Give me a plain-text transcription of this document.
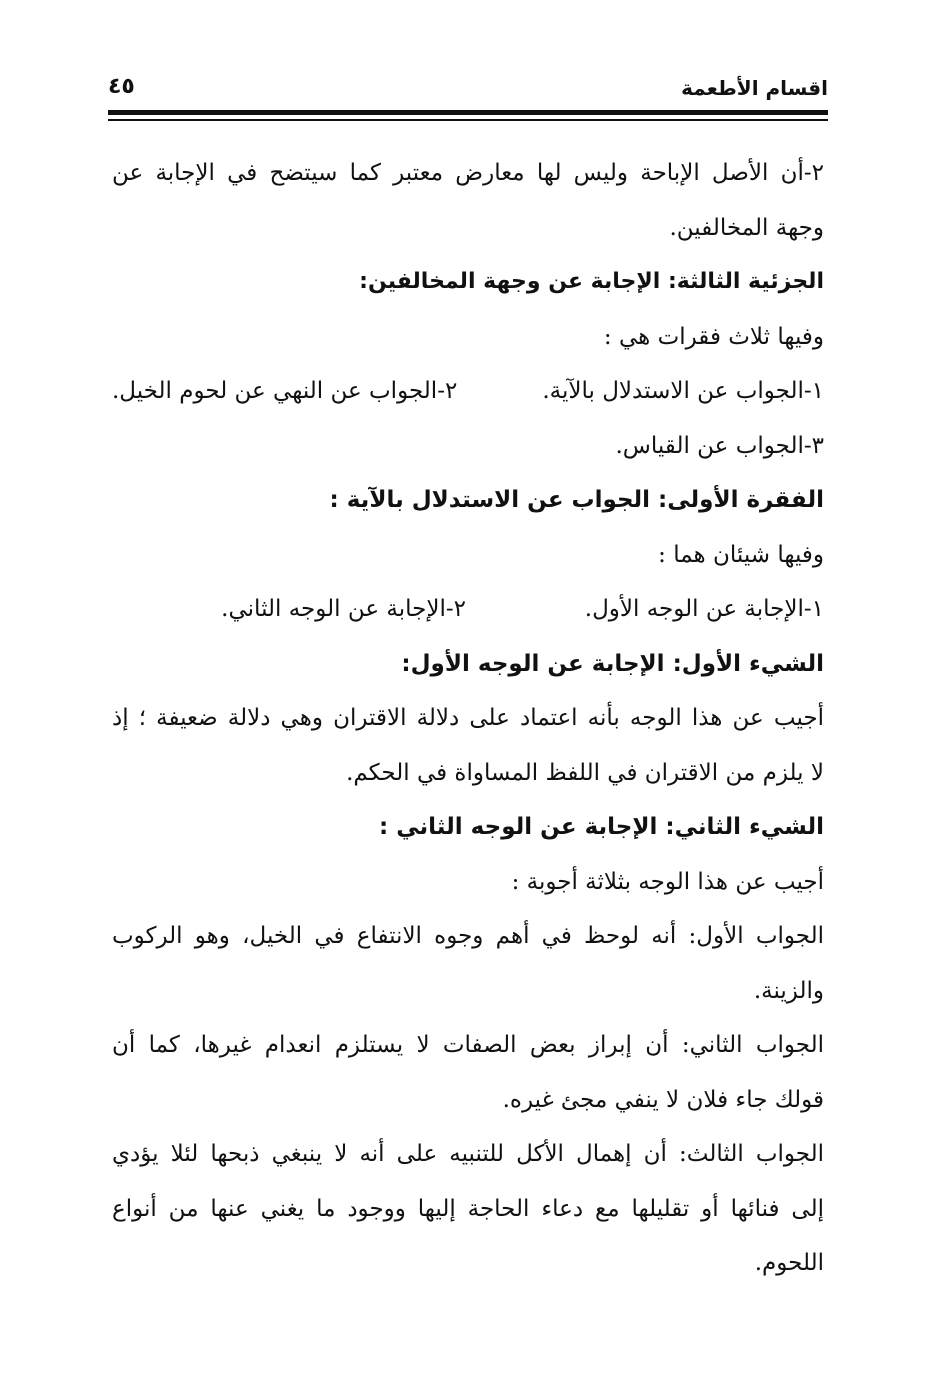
اقسام الأطعمة
٤٥
٢-أن الأصل الإباحة وليس لها معارض معتبر كما سيتضح في الإجابة عن
وجهة المخالفين.
الجزئية الثالثة: الإجابة عن وجهة المخالفين:
وفيها ثلاث فقرات هي :
١-الجواب عن الاستدلال بالآية.
٢-الجواب عن النهي عن لحوم الخيل.
٣-الجواب عن القياس.
الفقرة الأولى: الجواب عن الاستدلال بالآية :
وفيها شيئان هما :
١-الإجابة عن الوجه الأول.
٢-الإجابة عن الوجه الثاني.
الشيء الأول: الإجابة عن الوجه الأول:
أجيب عن هذا الوجه بأنه اعتماد على دلالة الاقتران وهي دلالة ضعيفة ؛ إذ
لا يلزم من الاقتران في اللفظ المساواة في الحكم.
الشيء الثاني: الإجابة عن الوجه الثاني :
أجيب عن هذا الوجه بثلاثة أجوبة :
الجواب الأول: أنه لوحظ في أهم وجوه الانتفاع في الخيل، وهو الركوب
والزينة.
الجواب الثاني: أن إبراز بعض الصفات لا يستلزم انعدام غيرها، كما أن
قولك جاء فلان لا ينفي مجئ غيره.
الجواب الثالث: أن إهمال الأكل للتنبيه على أنه لا ينبغي ذبحها لئلا يؤدي
إلى فنائها أو تقليلها مع دعاء الحاجة إليها ووجود ما يغني عنها من أنواع
اللحوم.
